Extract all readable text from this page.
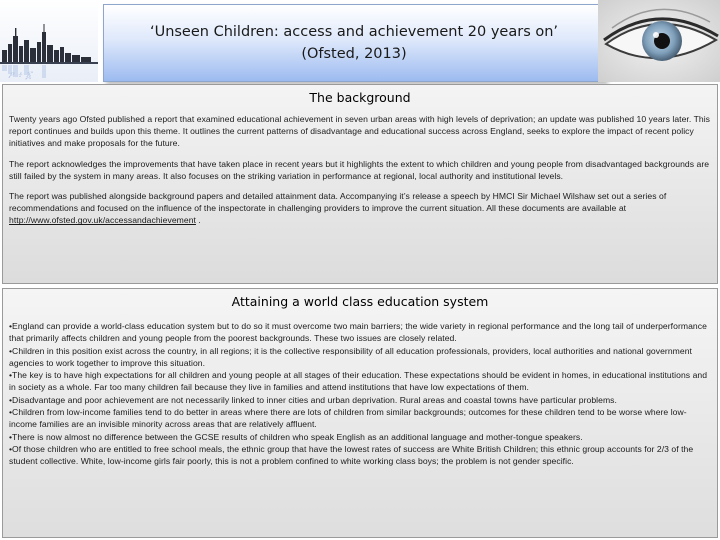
ዖ ፥ ፩
‘Unseen Children: access and achievement 20 years on’
(Ofsted, 2013)
The background

Twenty years ago Ofsted published a report that examined educational achievement in seven urban areas with high levels of deprivation; an update was published 10 years later. This report continues and builds upon this theme. It outlines the current patterns of disadvantage and educational success across England, seeks to explore the impact of recent policy initiatives and make proposals for the future.

The report acknowledges the improvements that have taken place in recent years but it highlights the extent to which children and young people from disadvantaged backgrounds are still failed by the system in many areas. It also focuses on the striking variation in performance at regional, local authority and institutional levels.

The report was published alongside background papers and detailed attainment data. Accompanying it’s release a speech by HMCI Sir Michael Wilshaw set out a series of recommendations and focused on the influence of the inspectorate in challenging providers to improve the current situation. All these documents are available at http://www.ofsted.gov.uk/accessandachievement .

Attaining a world class education system

•England can provide a world-class education system but to do so it must overcome two main barriers; the wide variety in regional performance and the long tail of underperformance that primarily affects children and young people from the poorest backgrounds. These two issues are closely related.

•Children in this position exist across the country, in all regions; it is the collective responsibility of all education professionals, providers, local authorities and national government agencies to work together to improve this situation.

•The key is to have high expectations for all children and young people at all stages of their education. These expectations should be evident in homes, in educational institutions and in society as a whole. Far too many children fail because they live in families and attend institutions that have low expectations of them.

•Disadvantage and poor achievement are not necessarily linked to inner cities and urban deprivation. Rural areas and coastal towns have particular problems.

•Children from low-income families tend to do better in areas where there are lots of children from similar backgrounds; outcomes for these children tend to be worse where low-income families are an invisible minority across areas that are relatively affluent.

•There is now almost no difference between the GCSE results of children who speak English as an additional language and mother-tongue speakers.

•Of those children who are entitled to free school meals, the ethnic group that have the lowest rates of success are White British Children; this ethnic group accounts for 2/3 of the student collective. White, low-income girls fair poorly, this is not a problem confined to white working class boys; the problem is not gender specific.
